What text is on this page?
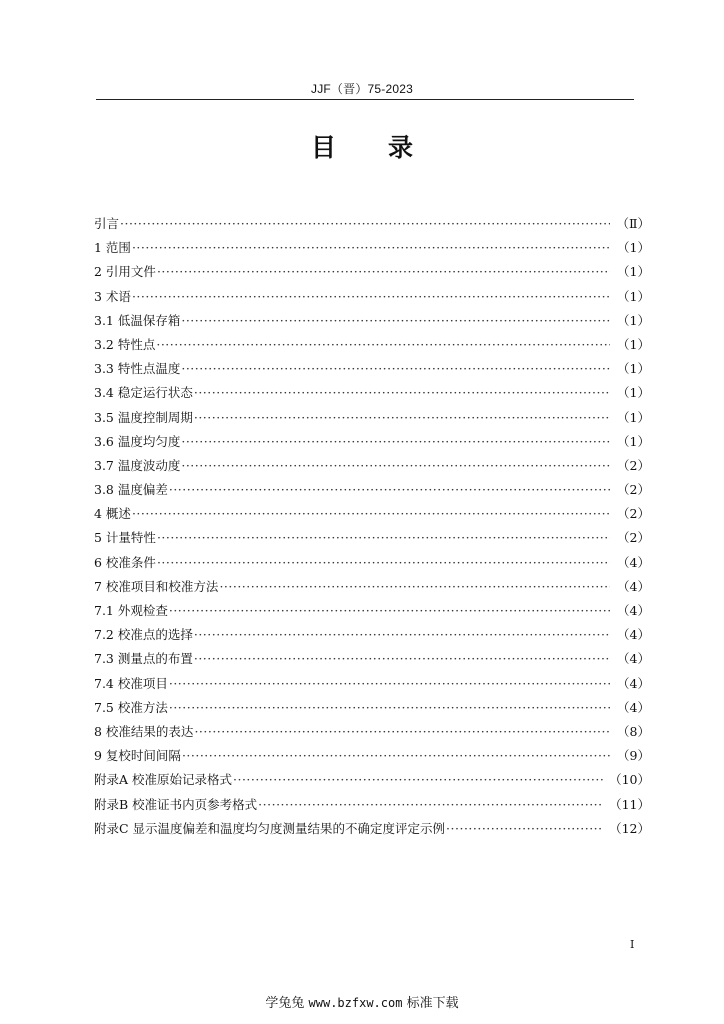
JJF（晋）75-2023
目录
引言 ·····	（Ⅱ）
1 范围 ·····	（1）
2 引用文件 ·····	（1）
3 术语 ·····	（1）
3.1 低温保存箱 ·····	（1）
3.2 特性点 ·····	（1）
3.3 特性点温度 ·····	（1）
3.4 稳定运行状态 ·····	（1）
3.5 温度控制周期 ·····	（1）
3.6 温度均匀度 ·····	（1）
3.7 温度波动度 ·····	（2）
3.8 温度偏差 ·····	（2）
4 概述 ·····	（2）
5 计量特性 ·····	（2）
6 校准条件 ·····	（4）
7 校准项目和校准方法 ·····	（4）
7.1 外观检查 ·····	（4）
7.2 校准点的选择 ·····	（4）
7.3 测量点的布置 ·····	（4）
7.4 校准项目 ·····	（4）
7.5 校准方法 ·····	（4）
8 校准结果的表达 ·····	（8）
9 复校时间间隔 ·····	（9）
附录A 校准原始记录格式 ·····	（10）
附录B 校准证书内页参考格式 ·····	（11）
附录C 显示温度偏差和温度均匀度测量结果的不确定度评定示例 ·····	（12）
Ⅰ
学兔兔 www.bzfxw.com 标准下载
